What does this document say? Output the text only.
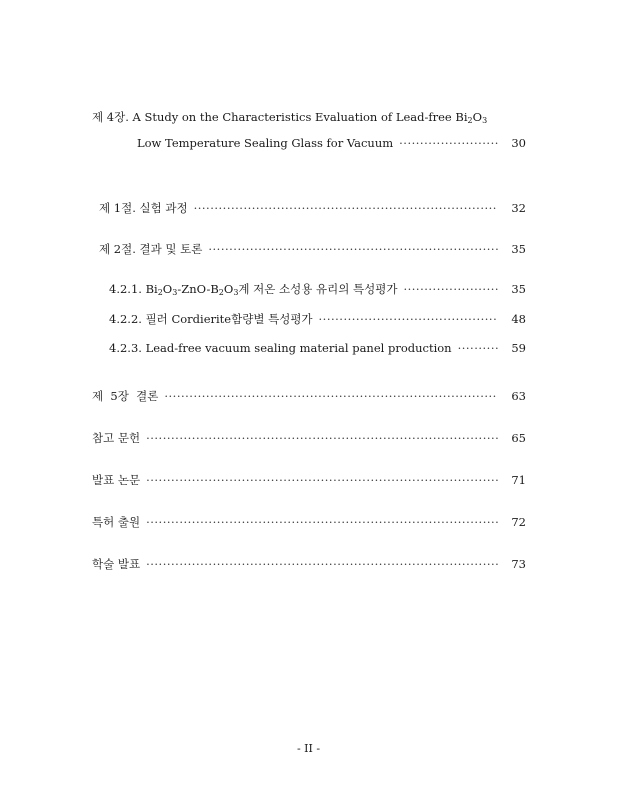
제 4장. A Study on the Characteristics Evaluation of Lead-free $Bi_2O_3$
Low Temperature Sealing Glass for Vacuum ·····	30
제 1절. 실험 과정 ·····	32
제 2절. 결과 및 토론 ·····	35
4.2.1. $Bi_2O_3-ZnO-B_2O_3$계 저온 소성용 유리의 특성평가 ·····	35
4.2.2. 필러 Cordierite함량별 특성평가 ·····	48
4.2.3. Lead-free vacuum sealing material panel production ·····	59
제  5장  결론 ·····	63
참고 문헌 ·····	65
발표 논문 ·····	71
특허 출원 ·····	72
학술 발표 ·····	73
- II -
